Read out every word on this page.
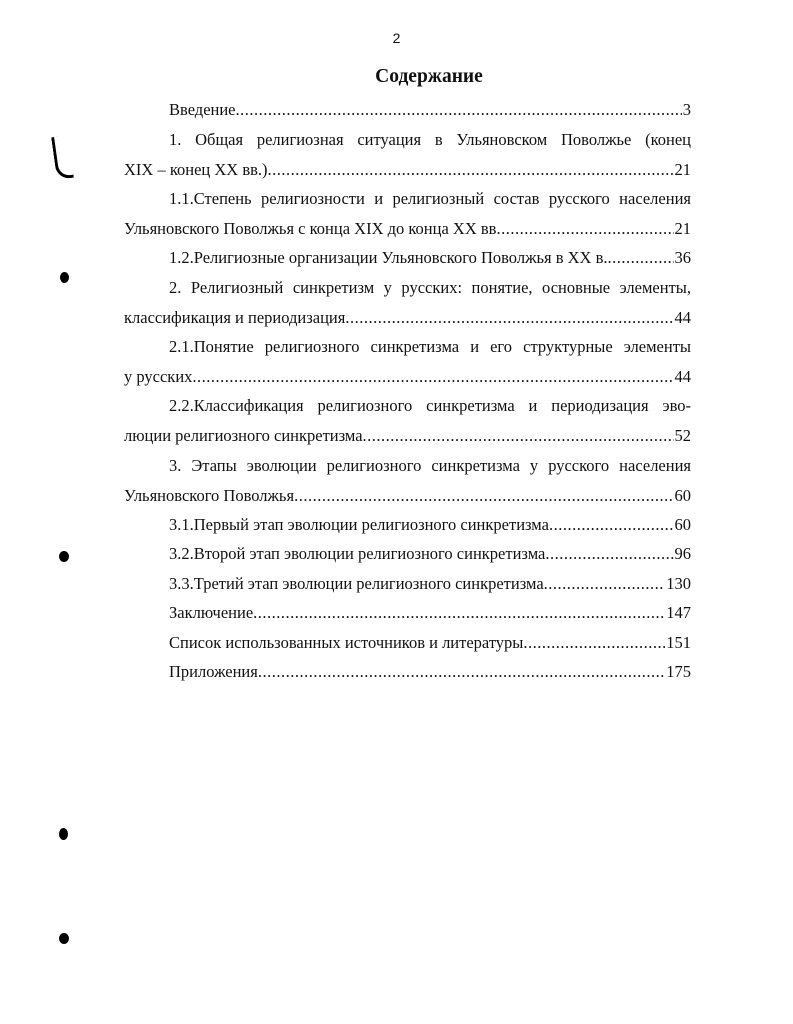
2
Содержание
Введение .....	3
1. Общая религиозная ситуация в Ульяновском Поволжье (конец
XIX – конец XX вв.) .....	21
1.1.Степень религиозности и религиозный состав русского населения
Ульяновского Поволжья с конца XIX до конца XX вв .....	21
1.2.Религиозные организации Ульяновского Поволжья в XX в. .....	36
2. Религиозный синкретизм у русских: понятие, основные элементы,
классификация и периодизация .....	44
2.1.Понятие религиозного синкретизма и его структурные элементы
у русских .....	44
2.2.Классификация религиозного синкретизма и периодизация эво-
люции религиозного синкретизма .....	52
3. Этапы эволюции религиозного синкретизма у русского населения
Ульяновского Поволжья .....	60
3.1.Первый этап эволюции религиозного синкретизма .....	60
3.2.Второй этап эволюции религиозного синкретизма .....	96
3.3.Третий этап эволюции религиозного синкретизма .....	130
Заключение .....	147
Список использованных источников и литературы .....	151
Приложения .....	175
